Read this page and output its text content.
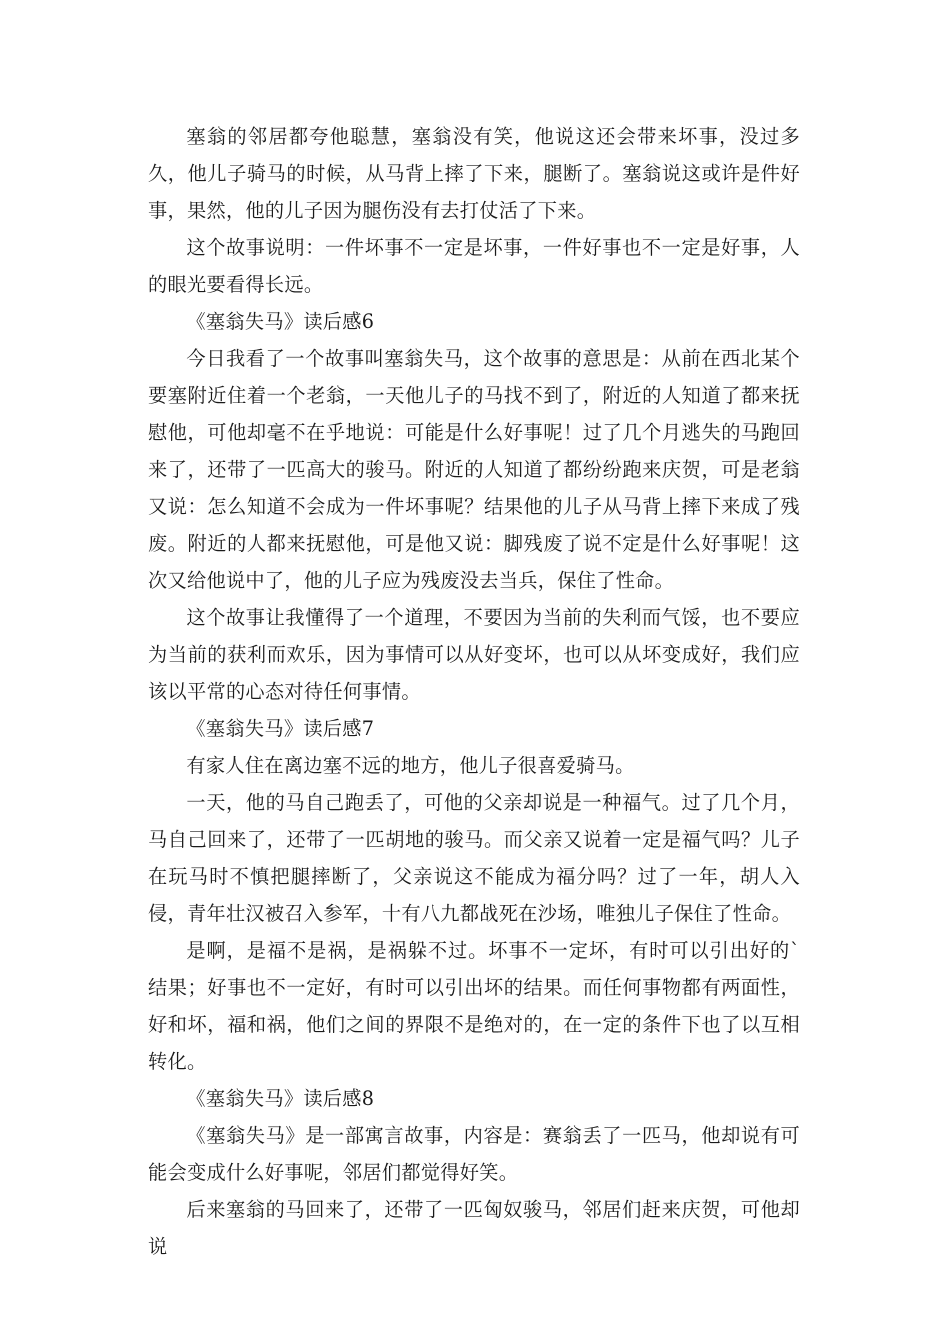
塞翁的邻居都夸他聪慧，塞翁没有笑，他说这还会带来坏事，没过多久，他儿子骑马的时候，从马背上摔了下来，腿断了。塞翁说这或许是件好事，果然，他的儿子因为腿伤没有去打仗活了下来。

这个故事说明：一件坏事不一定是坏事，一件好事也不一定是好事，人的眼光要看得长远。

《塞翁失马》读后感6

今日我看了一个故事叫塞翁失马，这个故事的意思是：从前在西北某个要塞附近住着一个老翁，一天他儿子的马找不到了，附近的人知道了都来抚慰他，可他却毫不在乎地说：可能是什么好事呢！过了几个月逃失的马跑回来了，还带了一匹高大的骏马。附近的人知道了都纷纷跑来庆贺，可是老翁又说：怎么知道不会成为一件坏事呢？结果他的儿子从马背上摔下来成了残废。附近的人都来抚慰他，可是他又说：脚残废了说不定是什么好事呢！这次又给他说中了，他的儿子应为残废没去当兵，保住了性命。

这个故事让我懂得了一个道理，不要因为当前的失利而气馁，也不要应为当前的获利而欢乐，因为事情可以从好变坏，也可以从坏变成好，我们应该以平常的心态对待任何事情。

《塞翁失马》读后感7

有家人住在离边塞不远的地方，他儿子很喜爱骑马。

一天，他的马自己跑丢了，可他的父亲却说是一种福气。过了几个月，马自己回来了，还带了一匹胡地的骏马。而父亲又说着一定是福气吗？儿子在玩马时不慎把腿摔断了，父亲说这不能成为福分吗？过了一年，胡人入侵，青年壮汉被召入参军，十有八九都战死在沙场，唯独儿子保住了性命。

是啊，是福不是祸，是祸躲不过。坏事不一定坏，有时可以引出好的`结果；好事也不一定好，有时可以引出坏的结果。而任何事物都有两面性，好和坏，福和祸，他们之间的界限不是绝对的，在一定的条件下也了以互相转化。

《塞翁失马》读后感8

《塞翁失马》是一部寓言故事，内容是：赛翁丢了一匹马，他却说有可能会变成什么好事呢，邻居们都觉得好笑。

后来塞翁的马回来了，还带了一匹匈奴骏马，邻居们赶来庆贺，可他却说
